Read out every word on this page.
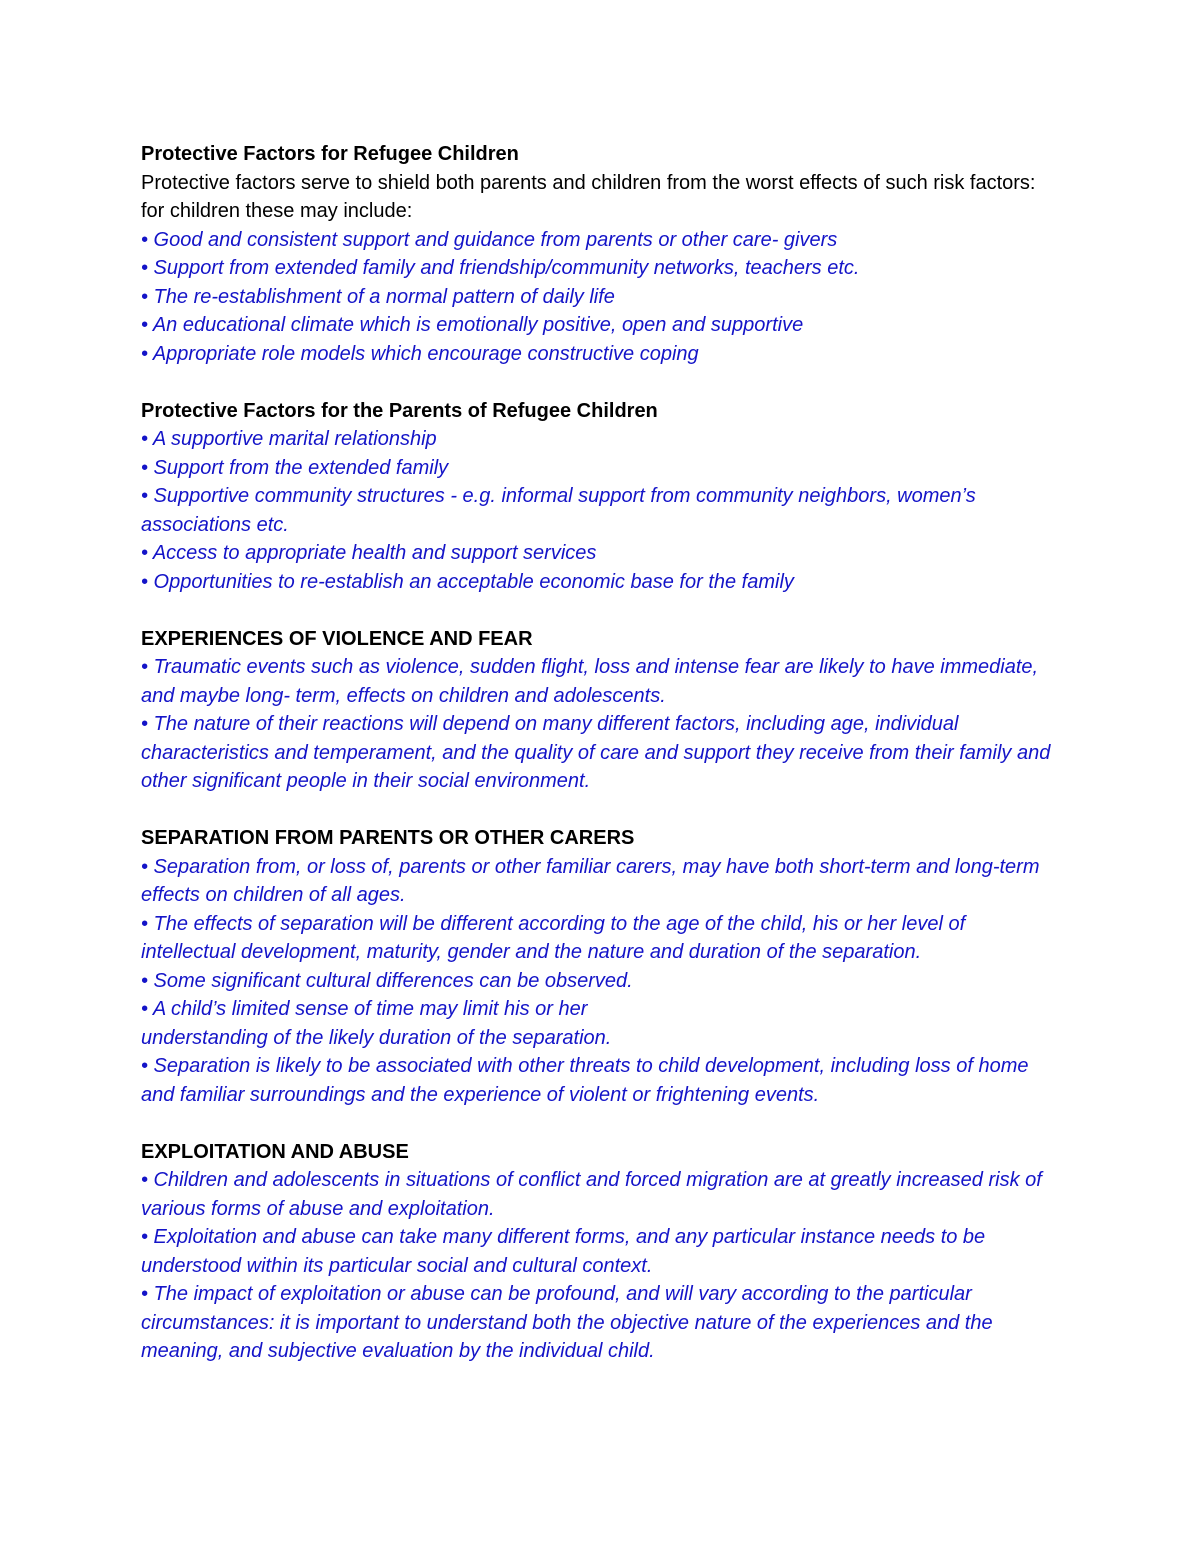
Protective Factors for Refugee Children

Protective factors serve to shield both parents and children from the worst effects of such risk factors: for children these may include:

• Good and consistent support and guidance from parents or other care- givers

• Support from extended family and friendship/community networks, teachers etc.

• The re-establishment of a normal pattern of daily life

• An educational climate which is emotionally positive, open and supportive

• Appropriate role models which encourage constructive coping

Protective Factors for the Parents of Refugee Children

• A supportive marital relationship

• Support from the extended family

• Supportive community structures - e.g. informal support from community neighbors, women’s associations etc.

• Access to appropriate health and support services

• Opportunities to re-establish an acceptable economic base for the family

EXPERIENCES OF VIOLENCE AND FEAR

• Traumatic events such as violence, sudden flight, loss and intense fear are likely to have immediate, and maybe long- term, effects on children and adolescents.

• The nature of their reactions will depend on many different factors, including age, individual characteristics and temperament, and the quality of care and support they receive from their family and other significant people in their social environment.

SEPARATION FROM PARENTS OR OTHER CARERS

• Separation from, or loss of, parents or other familiar carers, may have both short-term and long-term effects on children of all ages.

• The effects of separation will be different according to the age of the child, his or her level of intellectual development, maturity, gender and the nature and duration of the separation.

• Some significant cultural differences can be observed.

• A child’s limited sense of time may limit his or her

understanding of the likely duration of the separation.

• Separation is likely to be associated with other threats to child development, including loss of home and familiar surroundings and the experience of violent or frightening events.

EXPLOITATION AND ABUSE

• Children and adolescents in situations of conflict and forced migration are at greatly increased risk of various forms of abuse and exploitation.

• Exploitation and abuse can take many different forms, and any particular instance needs to be understood within its particular social and cultural context.

• The impact of exploitation or abuse can be profound, and will vary according to the particular circumstances: it is important to understand both the objective nature of the experiences and the meaning, and subjective evaluation by the individual child.
